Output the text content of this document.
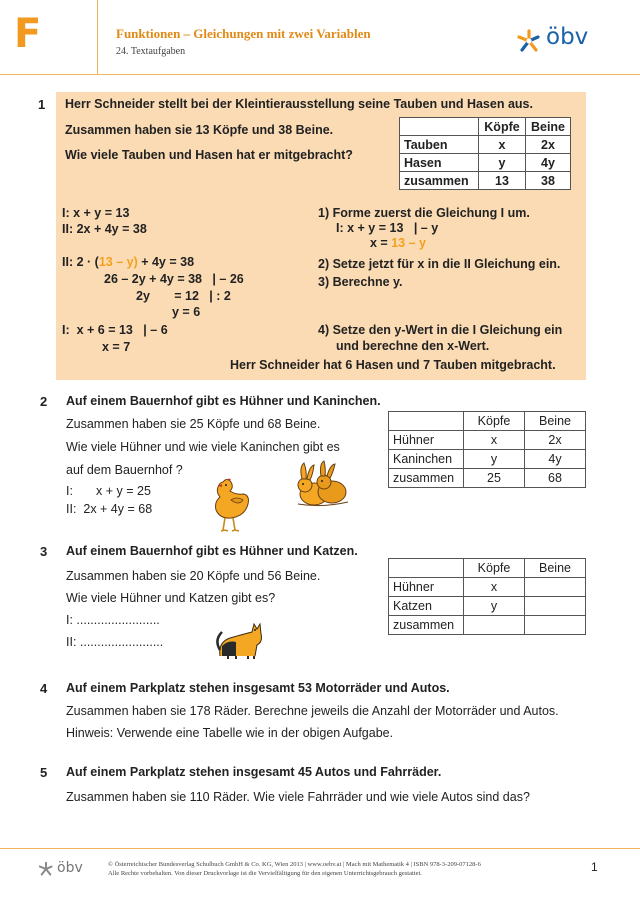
F	Funktionen – Gleichungen mit zwei Variablen
24. Textaufgaben
öbv
1 Herr Schneider stellt bei der Kleintierausstellung seine Tauben und Hasen aus.
Zusammen haben sie 13 Köpfe und 38 Beine.
Wie viele Tauben und Hasen hat er mitgebracht?
	Köpfe	Beine
Tauben	x	2x
Hasen	y	4y
zusammen	13	38
I: x + y = 13
II: 2x + 4y = 38
II: 2 · (13 – y) + 4y = 38
26 – 2y + 4y = 38   | – 26
2y       = 12   | : 2
y = 6
I:  x + 6 = 13   | – 6
x = 7
1) Forme zuerst die Gleichung I um.
I: x + y = 13   | – y
x = 13 – y
2) Setze jetzt für x in die II Gleichung ein.
3) Berechne y.
4) Setze den y-Wert in die I Gleichung ein
und berechne den x-Wert.
Herr Schneider hat 6 Hasen und 7 Tauben mitgebracht.
2 Auf einem Bauernhof gibt es Hühner und Kaninchen.
Zusammen haben sie 25 Köpfe und 68 Beine.
Wie viele Hühner und wie viele Kaninchen gibt es
auf dem Bauernhof ?
I: x + y = 25
II:  2x + 4y = 68
	Köpfe	Beine
Hühner	x	2x
Kaninchen	y	4y
zusammen	25	68
3 Auf einem Bauernhof gibt es Hühner und Katzen.
Zusammen haben sie 20 Köpfe und 56 Beine.
Wie viele Hühner und Katzen gibt es?
I: ........................
II: ........................
	Köpfe	Beine
Hühner	x	
Katzen	y	
zusammen		
4 Auf einem Parkplatz stehen insgesamt 53 Motorräder und Autos.
Zusammen haben sie 178 Räder. Berechne jeweils die Anzahl der Motorräder und Autos.
Hinweis: Verwende eine Tabelle wie in der obigen Aufgabe.
5 Auf einem Parkplatz stehen insgesamt 45 Autos und Fahrräder.
Zusammen haben sie 110 Räder. Wie viele Fahrräder und wie viele Autos sind das?
öbv	© Österreichischer Bundesverlag Schulbuch GmbH & Co. KG, Wien 2013 | www.oebv.at | Mach mit Mathematik 4 | ISBN 978-3-209-07128-6
Alle Rechte vorbehalten. Von dieser Druckvorlage ist die Vervielfältigung für den eigenen Unterrichtsgebrauch gestattet.	1
